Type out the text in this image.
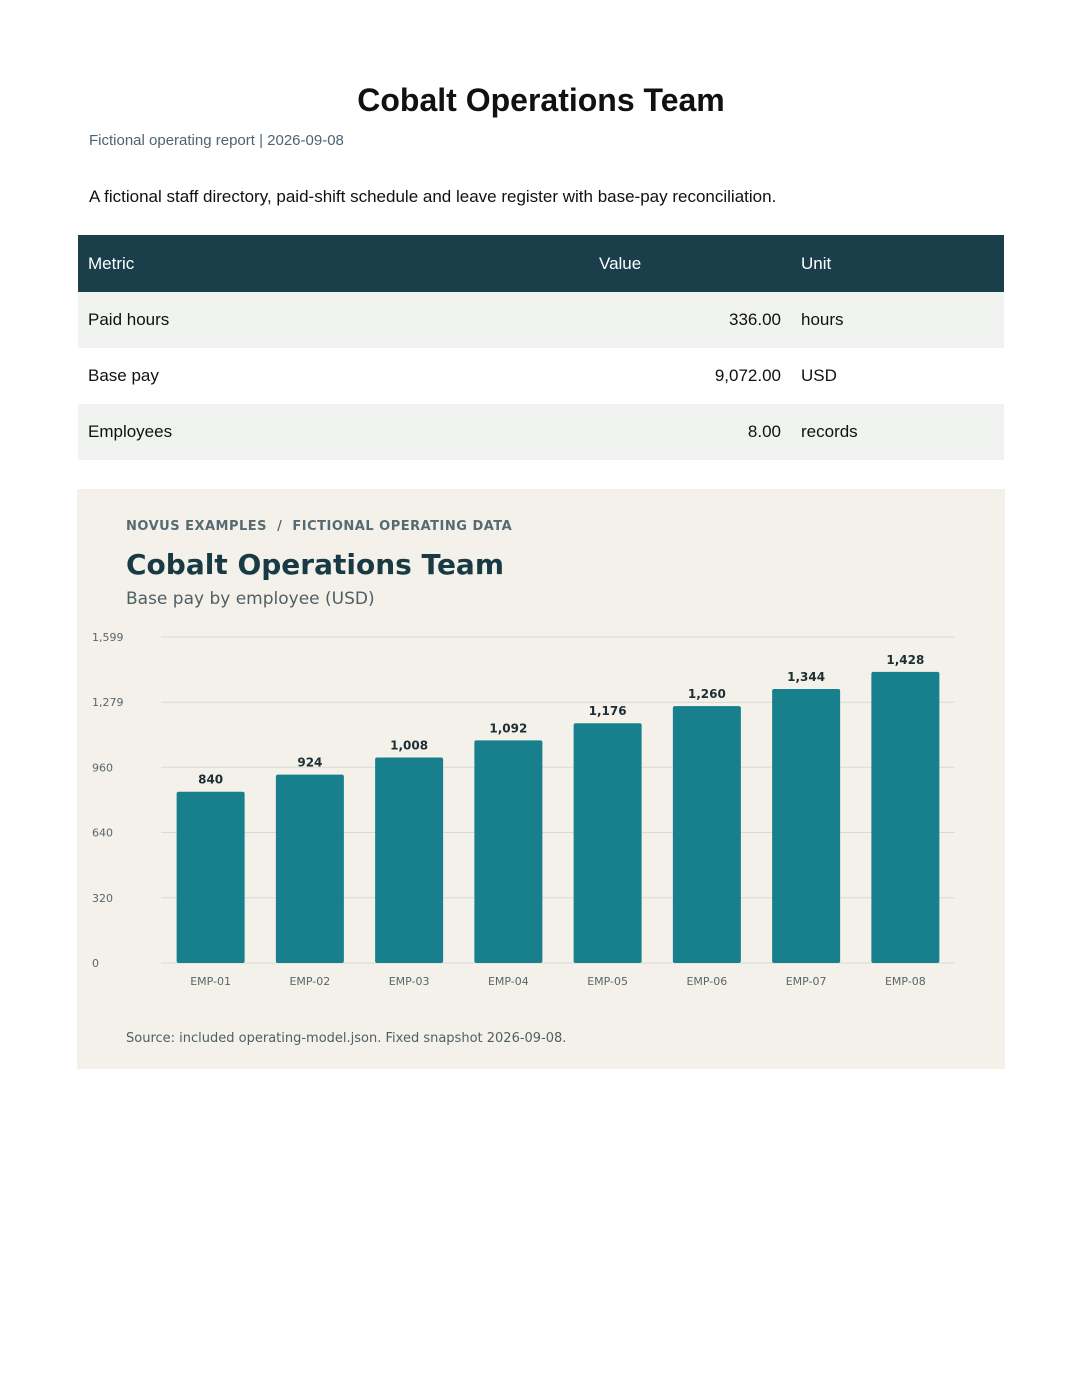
Cobalt Operations Team
Fictional operating report | 2026-09-08
A fictional staff directory, paid-shift schedule and leave register with base-pay reconciliation.
Metric	Value	Unit
Paid hours	336.00	hours
Base pay	9,072.00	USD
Employees	8.00	records
NOVUS EXAMPLES  /  FICTIONAL OPERATING DATA
Cobalt Operations Team
Base pay by employee (USD)
0
320
640
960
1,279
1,599
840
924
1,008
1,092
1,176
1,260
1,344
1,428
EMP-01	EMP-02	EMP-03	EMP-04	EMP-05	EMP-06	EMP-07	EMP-08
Source: included operating-model.json. Fixed snapshot 2026-09-08.
